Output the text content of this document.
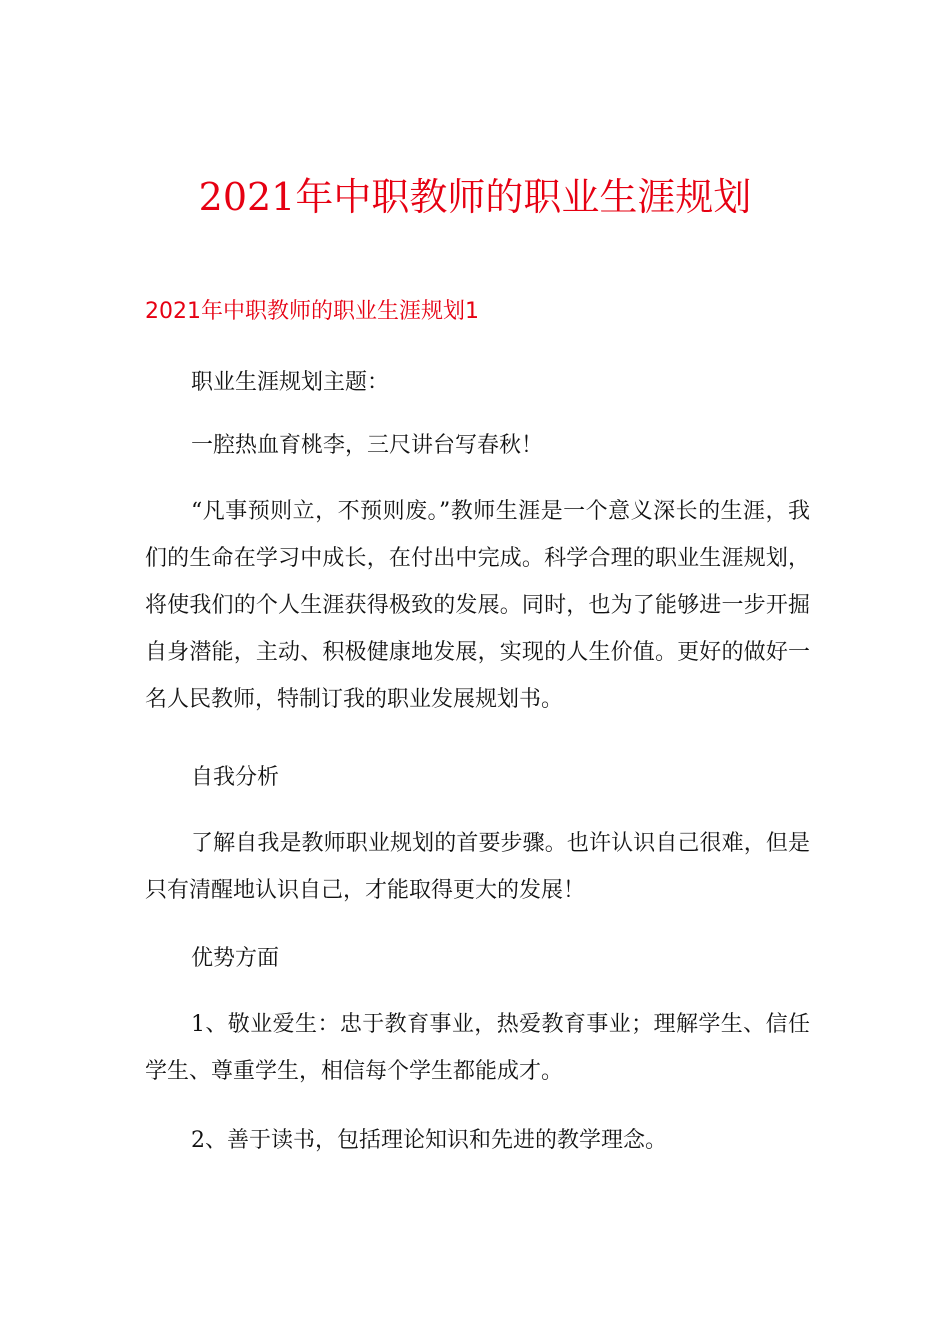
2021年中职教师的职业生涯规划
2021年中职教师的职业生涯规划1

职业生涯规划主题：

一腔热血育桃李，三尺讲台写春秋！

“凡事预则立，不预则废。”教师生涯是一个意义深长的生涯，我们的生命在学习中成长，在付出中完成。科学合理的职业生涯规划，将使我们的个人生涯获得极致的发展。同时，也为了能够进一步开掘自身潜能，主动、积极健康地发展，实现的人生价值。更好的做好一名人民教师，特制订我的职业发展规划书。

自我分析

了解自我是教师职业规划的首要步骤。也许认识自己很难，但是只有清醒地认识自己，才能取得更大的发展！

优势方面

1、敬业爱生：忠于教育事业，热爱教育事业；理解学生、信任学生、尊重学生，相信每个学生都能成才。

2、善于读书，包括理论知识和先进的教学理念。
